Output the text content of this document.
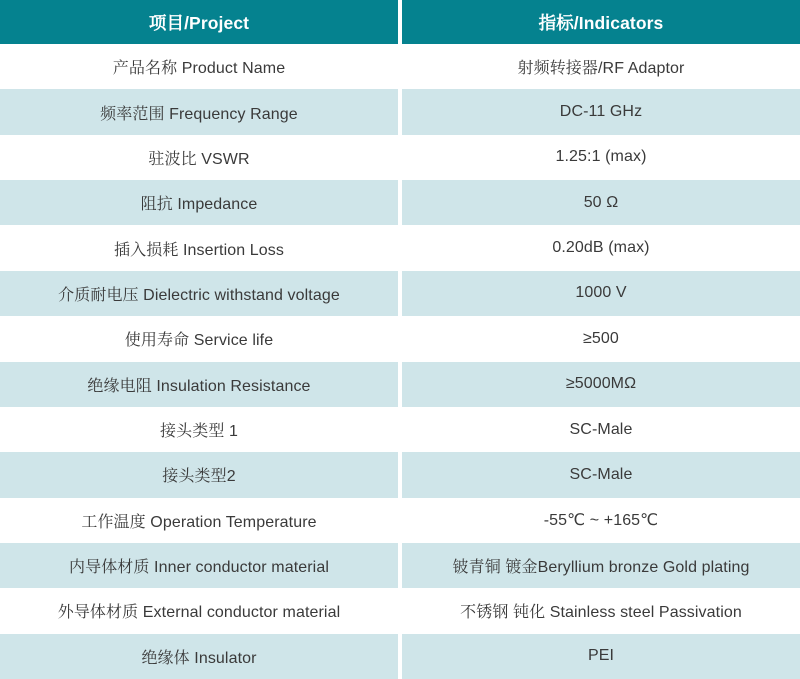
项目/Project	指标/Indicators
产品名称 Product Name	射频转接器/RF Adaptor
频率范围 Frequency Range	DC-11 GHz
驻波比 VSWR	1.25:1 (max)
阻抗 Impedance	50 Ω
插入损耗 Insertion Loss	0.20dB (max)
介质耐电压 Dielectric withstand voltage	1000 V
使用寿命 Service life	≥500
绝缘电阻 Insulation Resistance	≥5000MΩ
接头类型 1	SC-Male
接头类型2	SC-Male
工作温度 Operation Temperature	-55℃ ~ +165℃
内导体材质 Inner conductor material	铍青铜 镀金Beryllium bronze Gold plating
外导体材质 External conductor material	不锈钢 钝化 Stainless steel Passivation
绝缘体 Insulator	PEI
